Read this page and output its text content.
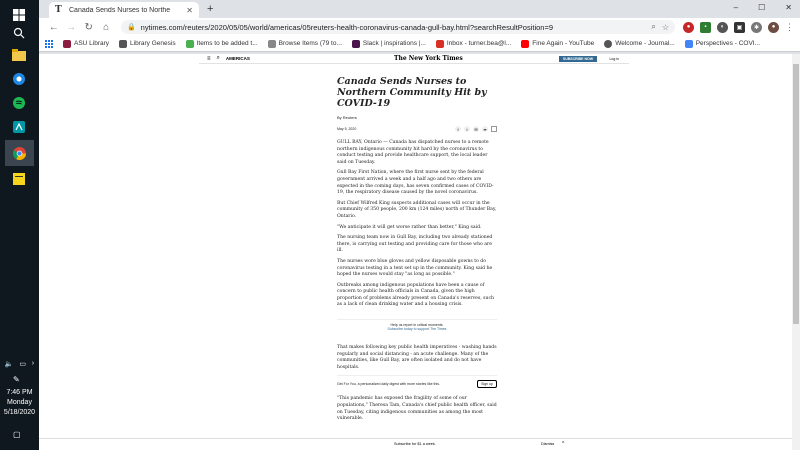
🔈 ▭ ›
✎
7:46 PM
Monday
5/18/2020
▢
T Canada Sends Nurses to Northe	✕ +	–	☐	✕
← → ↻	⌂	🔒 nytimes.com/reuters/2020/05/05/world/americas/05reuters-health-coronavirus-canada-gull-bay.html?searchResultPosition=9	⌕ ☆	●	▪	◐	▣	✱	●	⋮
ASU Library	Library Genesis	Items to be added t...	Browse Items (79 to...	Slack | inspirations |...	Inbox - turner.bea@l...	Fine Again - YouTube	Welcome - Journal...	Perspectives - COVI...
≡ ⌕ AMERICAS	The New York Times	SUBSCRIBE NOW	Log in
Canada Sends Nurses to Northern Community Hit by COVID-19
By Reuters
May 5, 2020	f	t	✉	➦

GULL BAY, Ontario — Canada has dispatched nurses to a remote northern indigenous community hit hard by the coronavirus to conduct testing and provide healthcare support, the local leader said on Tuesday.

Gull Bay First Nation, where the first nurse sent by the federal government arrived a week and a half ago and two others are expected in the coming days, has seven confirmed cases of COVID-19, the respiratory disease caused by the novel coronavirus.

But Chief Wilfred King suspects additional cases will occur in the community of 350 people, 200 km (124 miles) north of Thunder Bay, Ontario.

"We anticipate it will get worse rather than better," King said.

The nursing team now in Gull Bay, including two already stationed there, is carrying out testing and providing care for those who are ill.

The nurses wore blue gloves and yellow disposable gowns to do coronavirus testing in a tent set up in the community. King said he hoped the nurses would stay "as long as possible."

Outbreaks among indigenous populations have been a cause of concern to public health officials in Canada, given the high proportion of problems already present on Canada's reserves, such as a lack of clean drinking water and a housing crisis.

Help us report in critical moments.
Subscribe today to support The Times

That makes following key public health imperatives - washing hands regularly and social distancing - an acute challenge. Many of the communities, like Gull Bay, are often isolated and do not have hospitals.

Get For You, a personalized daily digest with more stories like this.	Sign up

"This pandemic has exposed the fragility of some of our populations," Theresa Tam, Canada's chief public health officer, said on Tuesday, citing indigenous communities as among the most vulnerable.

Subscribe for $1 a week.	Dismiss ^
